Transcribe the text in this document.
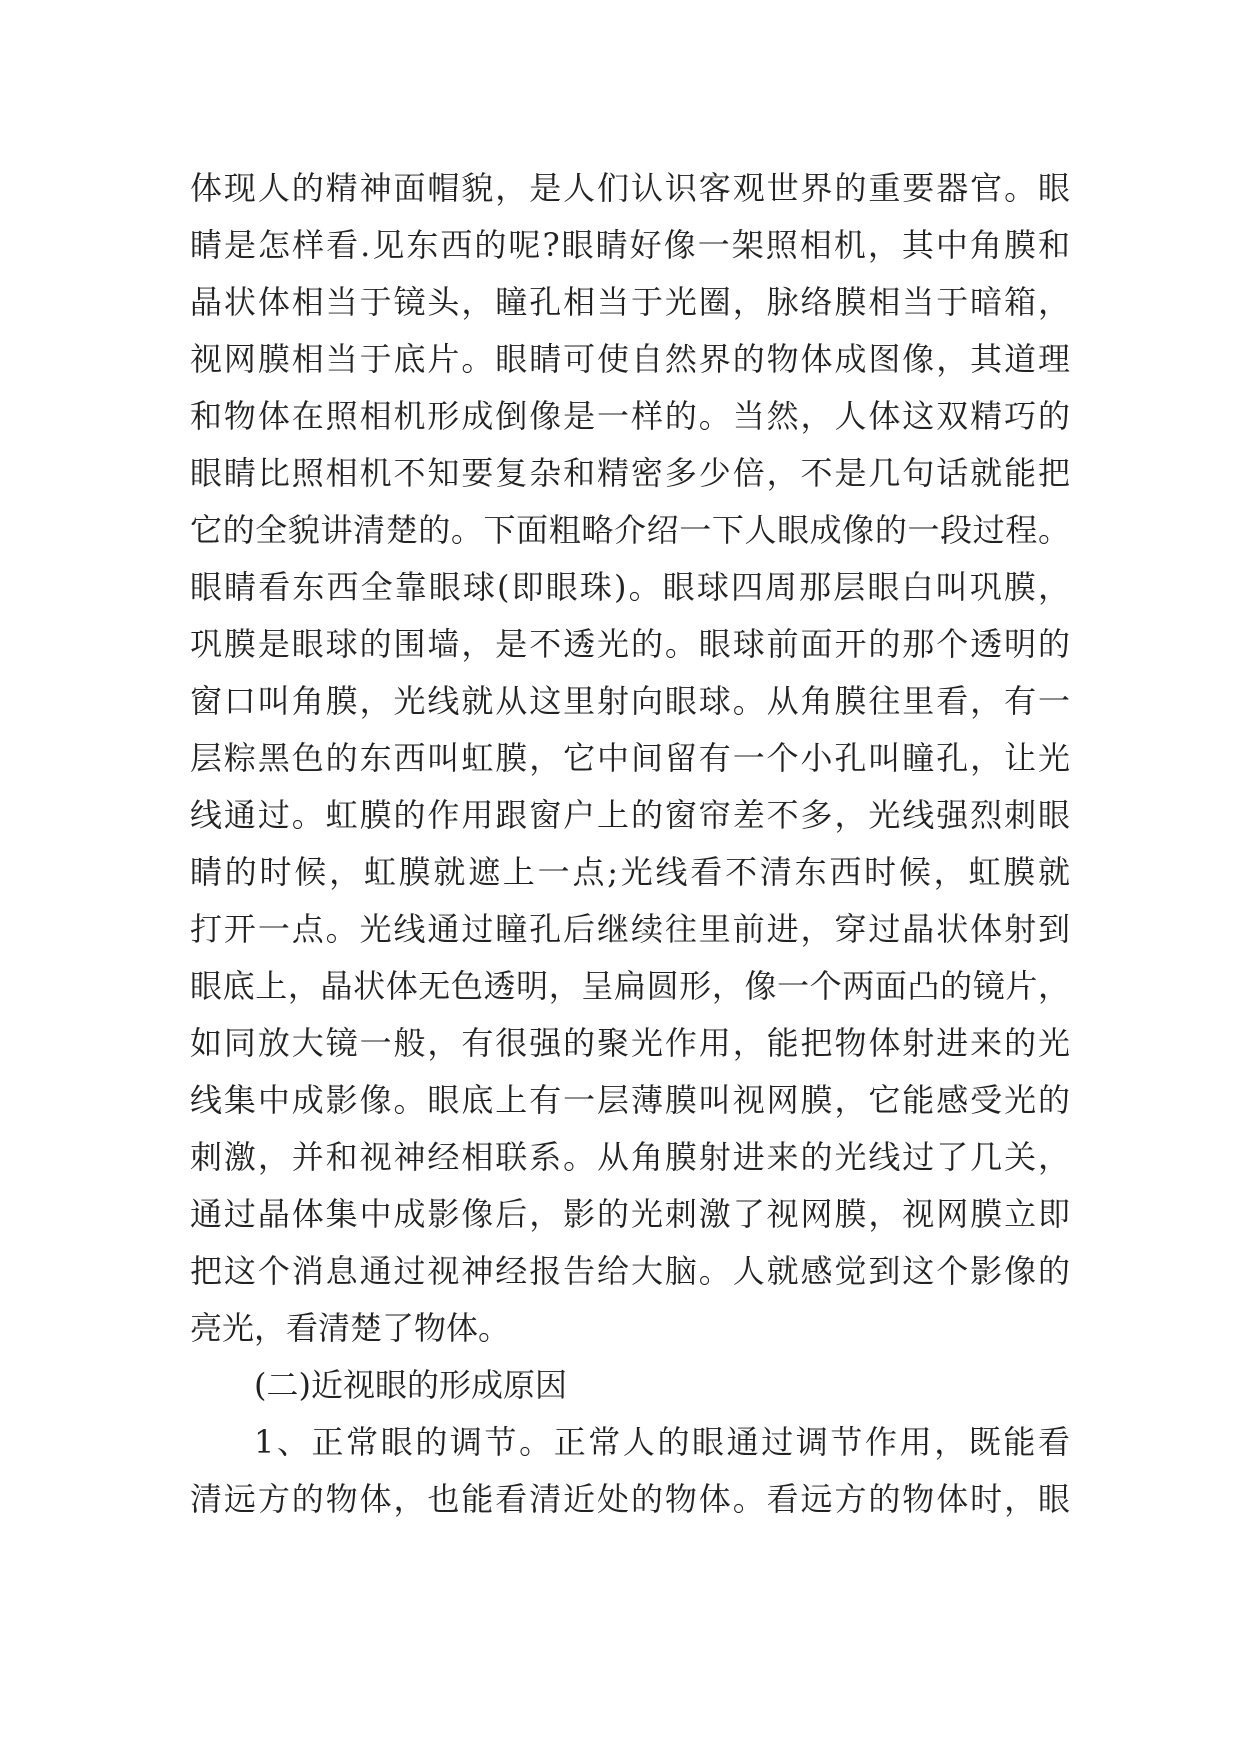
体现人的精神面帽貌，是人们认识客观世界的重要器官。眼
睛是怎样看.见东西的呢?眼睛好像一架照相机，其中角膜和
晶状体相当于镜头，瞳孔相当于光圈，脉络膜相当于暗箱，
视网膜相当于底片。眼睛可使自然界的物体成图像，其道理
和物体在照相机形成倒像是一样的。当然，人体这双精巧的
眼睛比照相机不知要复杂和精密多少倍，不是几句话就能把
它的全貌讲清楚的。下面粗略介绍一下人眼成像的一段过程。
眼睛看东西全靠眼球(即眼珠)。眼球四周那层眼白叫巩膜，
巩膜是眼球的围墙，是不透光的。眼球前面开的那个透明的
窗口叫角膜，光线就从这里射向眼球。从角膜往里看，有一
层粽黑色的东西叫虹膜，它中间留有一个小孔叫瞳孔，让光
线通过。虹膜的作用跟窗户上的窗帘差不多，光线强烈刺眼
睛的时候，虹膜就遮上一点;光线看不清东西时候，虹膜就
打开一点。光线通过瞳孔后继续往里前进，穿过晶状体射到
眼底上，晶状体无色透明，呈扁圆形，像一个两面凸的镜片，
如同放大镜一般，有很强的聚光作用，能把物体射进来的光
线集中成影像。眼底上有一层薄膜叫视网膜，它能感受光的
刺激，并和视神经相联系。从角膜射进来的光线过了几关，
通过晶体集中成影像后，影的光刺激了视网膜，视网膜立即
把这个消息通过视神经报告给大脑。人就感觉到这个影像的
亮光，看清楚了物体。
(二)近视眼的形成原因
1、正常眼的调节。正常人的眼通过调节作用，既能看
清远方的物体，也能看清近处的物体。看远方的物体时，眼
